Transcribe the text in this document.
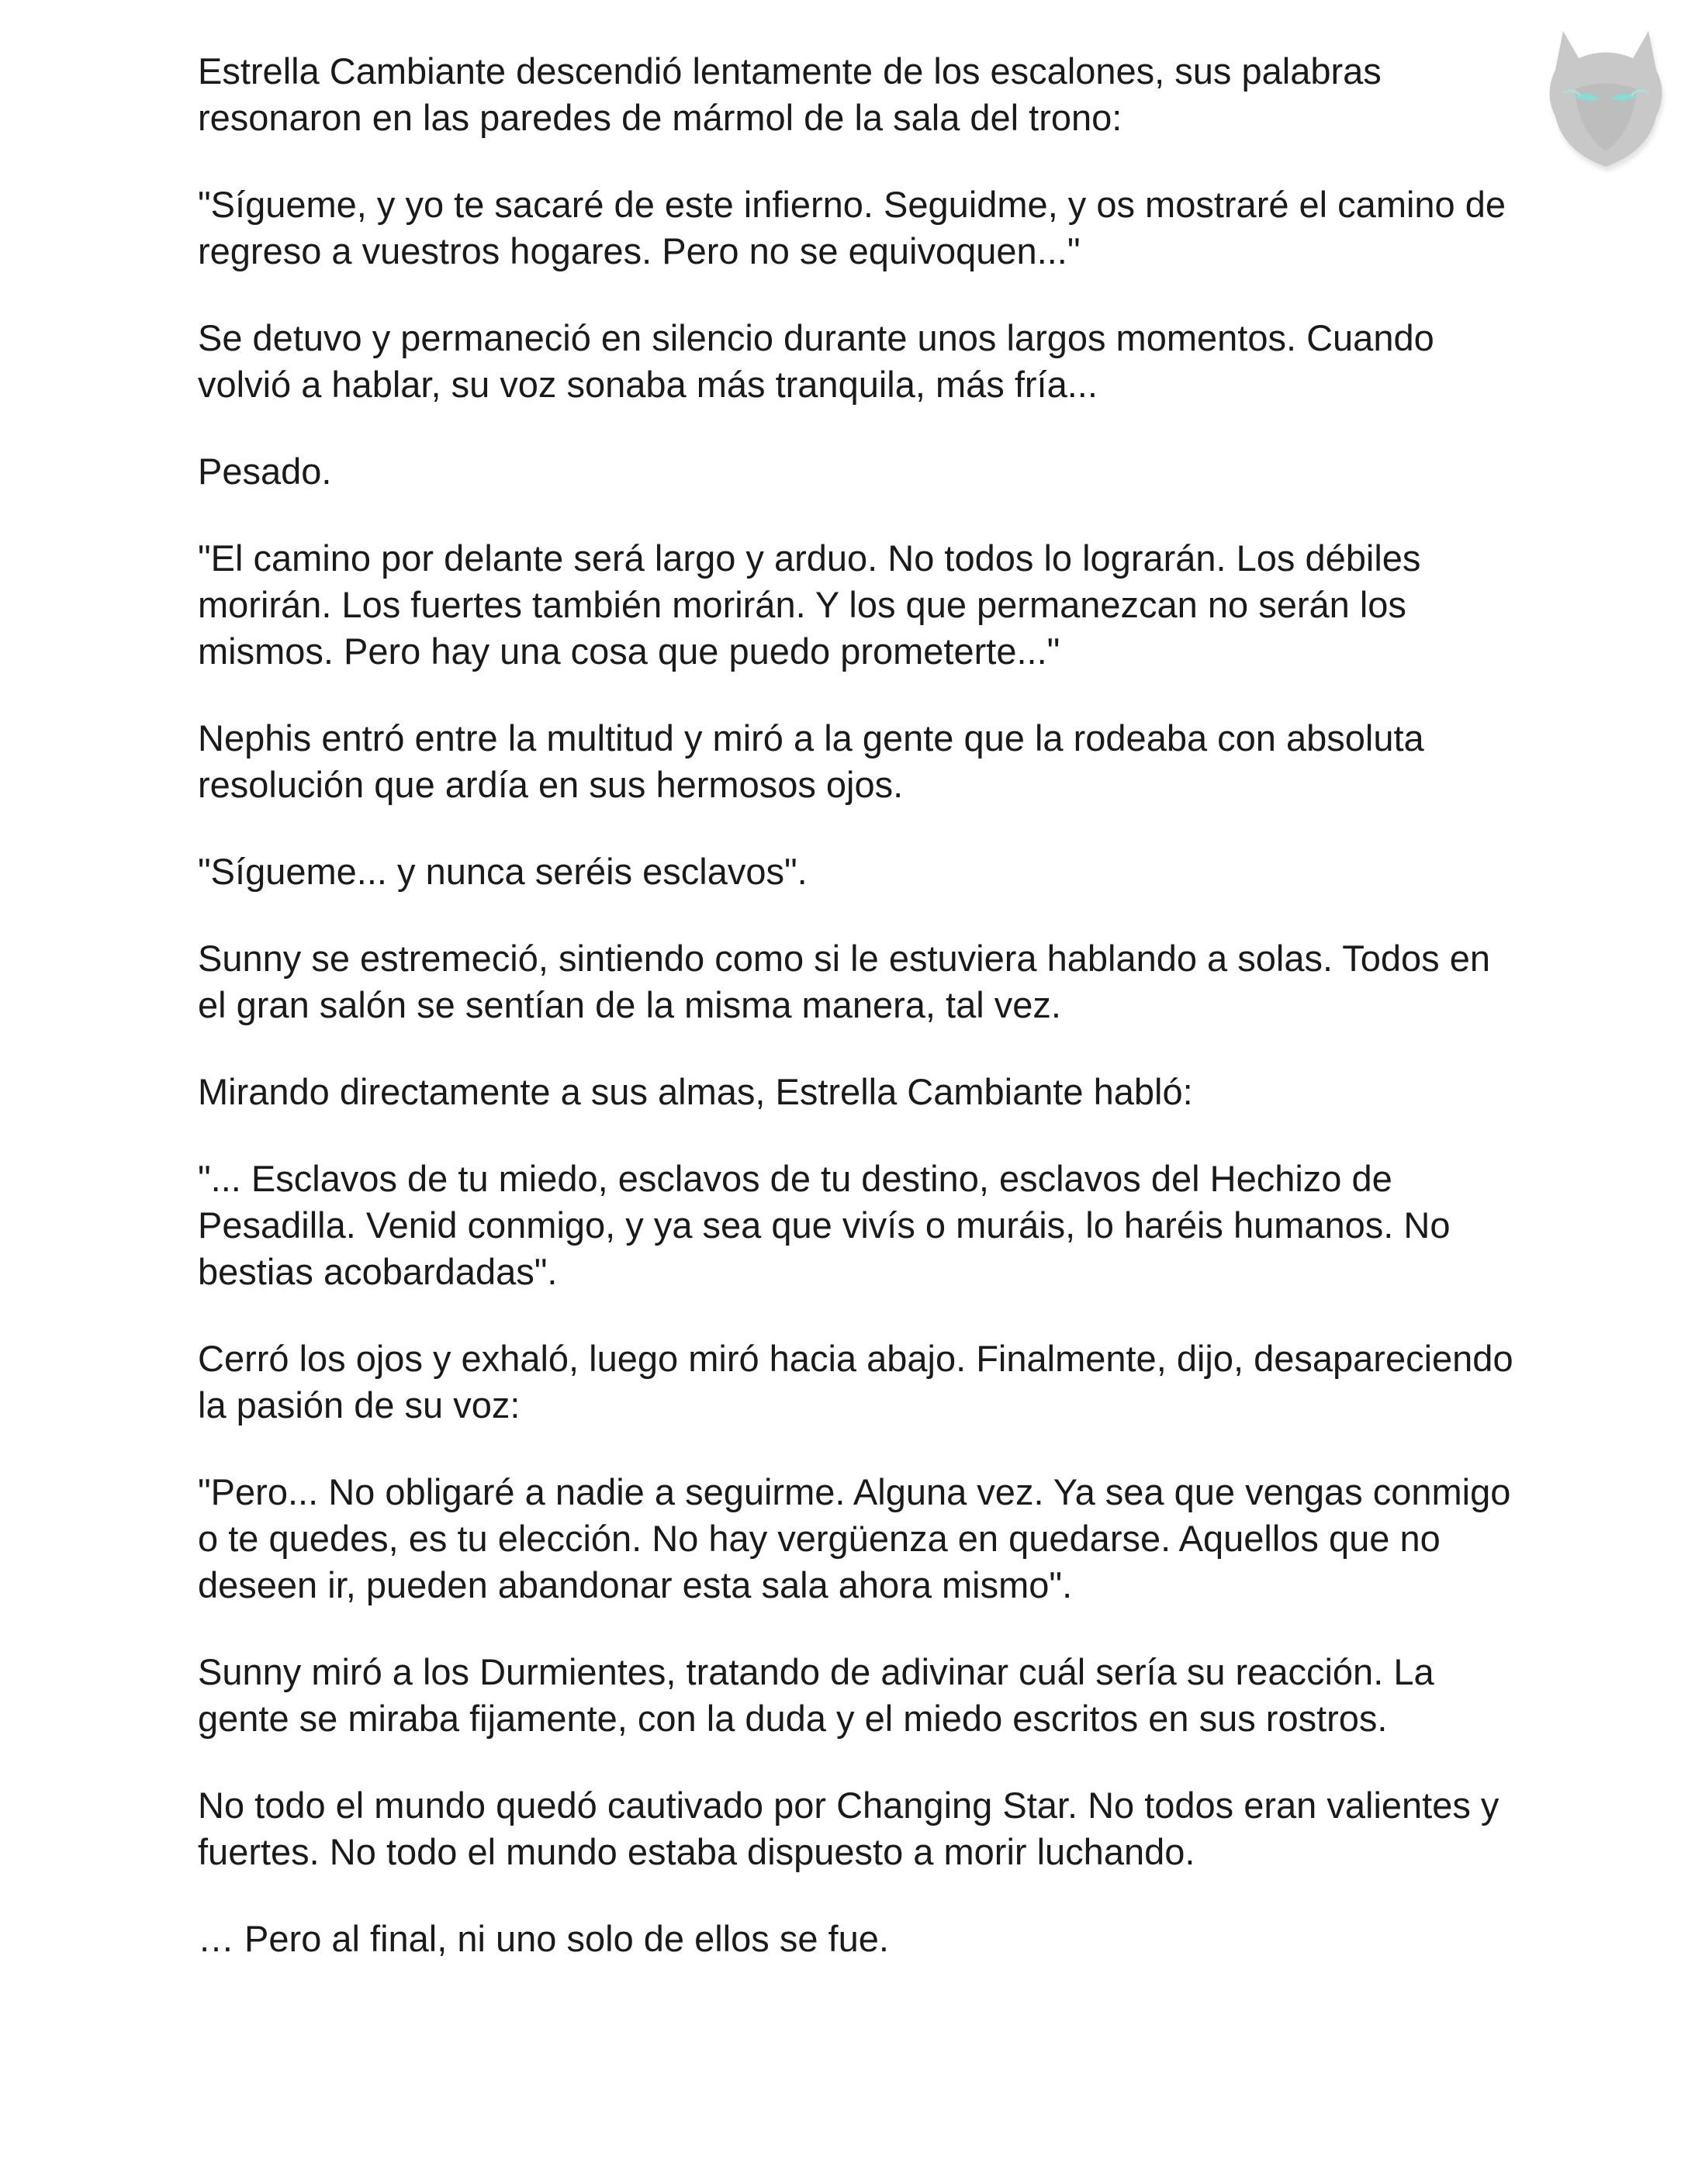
Estrella Cambiante descendió lentamente de los escalones, sus palabras resonaron en las paredes de mármol de la sala del trono:

"Sígueme, y yo te sacaré de este infierno. Seguidme, y os mostraré el camino de regreso a vuestros hogares. Pero no se equivoquen..."

Se detuvo y permaneció en silencio durante unos largos momentos. Cuando volvió a hablar, su voz sonaba más tranquila, más fría...

Pesado.

"El camino por delante será largo y arduo. No todos lo lograrán. Los débiles morirán. Los fuertes también morirán. Y los que permanezcan no serán los mismos. Pero hay una cosa que puedo prometerte..."

Nephis entró entre la multitud y miró a la gente que la rodeaba con absoluta resolución que ardía en sus hermosos ojos.

"Sígueme... y nunca seréis esclavos".

Sunny se estremeció, sintiendo como si le estuviera hablando a solas. Todos en el gran salón se sentían de la misma manera, tal vez.

Mirando directamente a sus almas, Estrella Cambiante habló:

"... Esclavos de tu miedo, esclavos de tu destino, esclavos del Hechizo de Pesadilla. Venid conmigo, y ya sea que vivís o muráis, lo haréis humanos. No bestias acobardadas".

Cerró los ojos y exhaló, luego miró hacia abajo. Finalmente, dijo, desapareciendo la pasión de su voz:

"Pero... No obligaré a nadie a seguirme. Alguna vez. Ya sea que vengas conmigo o te quedes, es tu elección. No hay vergüenza en quedarse. Aquellos que no deseen ir, pueden abandonar esta sala ahora mismo".

Sunny miró a los Durmientes, tratando de adivinar cuál sería su reacción. La gente se miraba fijamente, con la duda y el miedo escritos en sus rostros.

No todo el mundo quedó cautivado por Changing Star. No todos eran valientes y fuertes. No todo el mundo estaba dispuesto a morir luchando.

… Pero al final, ni uno solo de ellos se fue.
